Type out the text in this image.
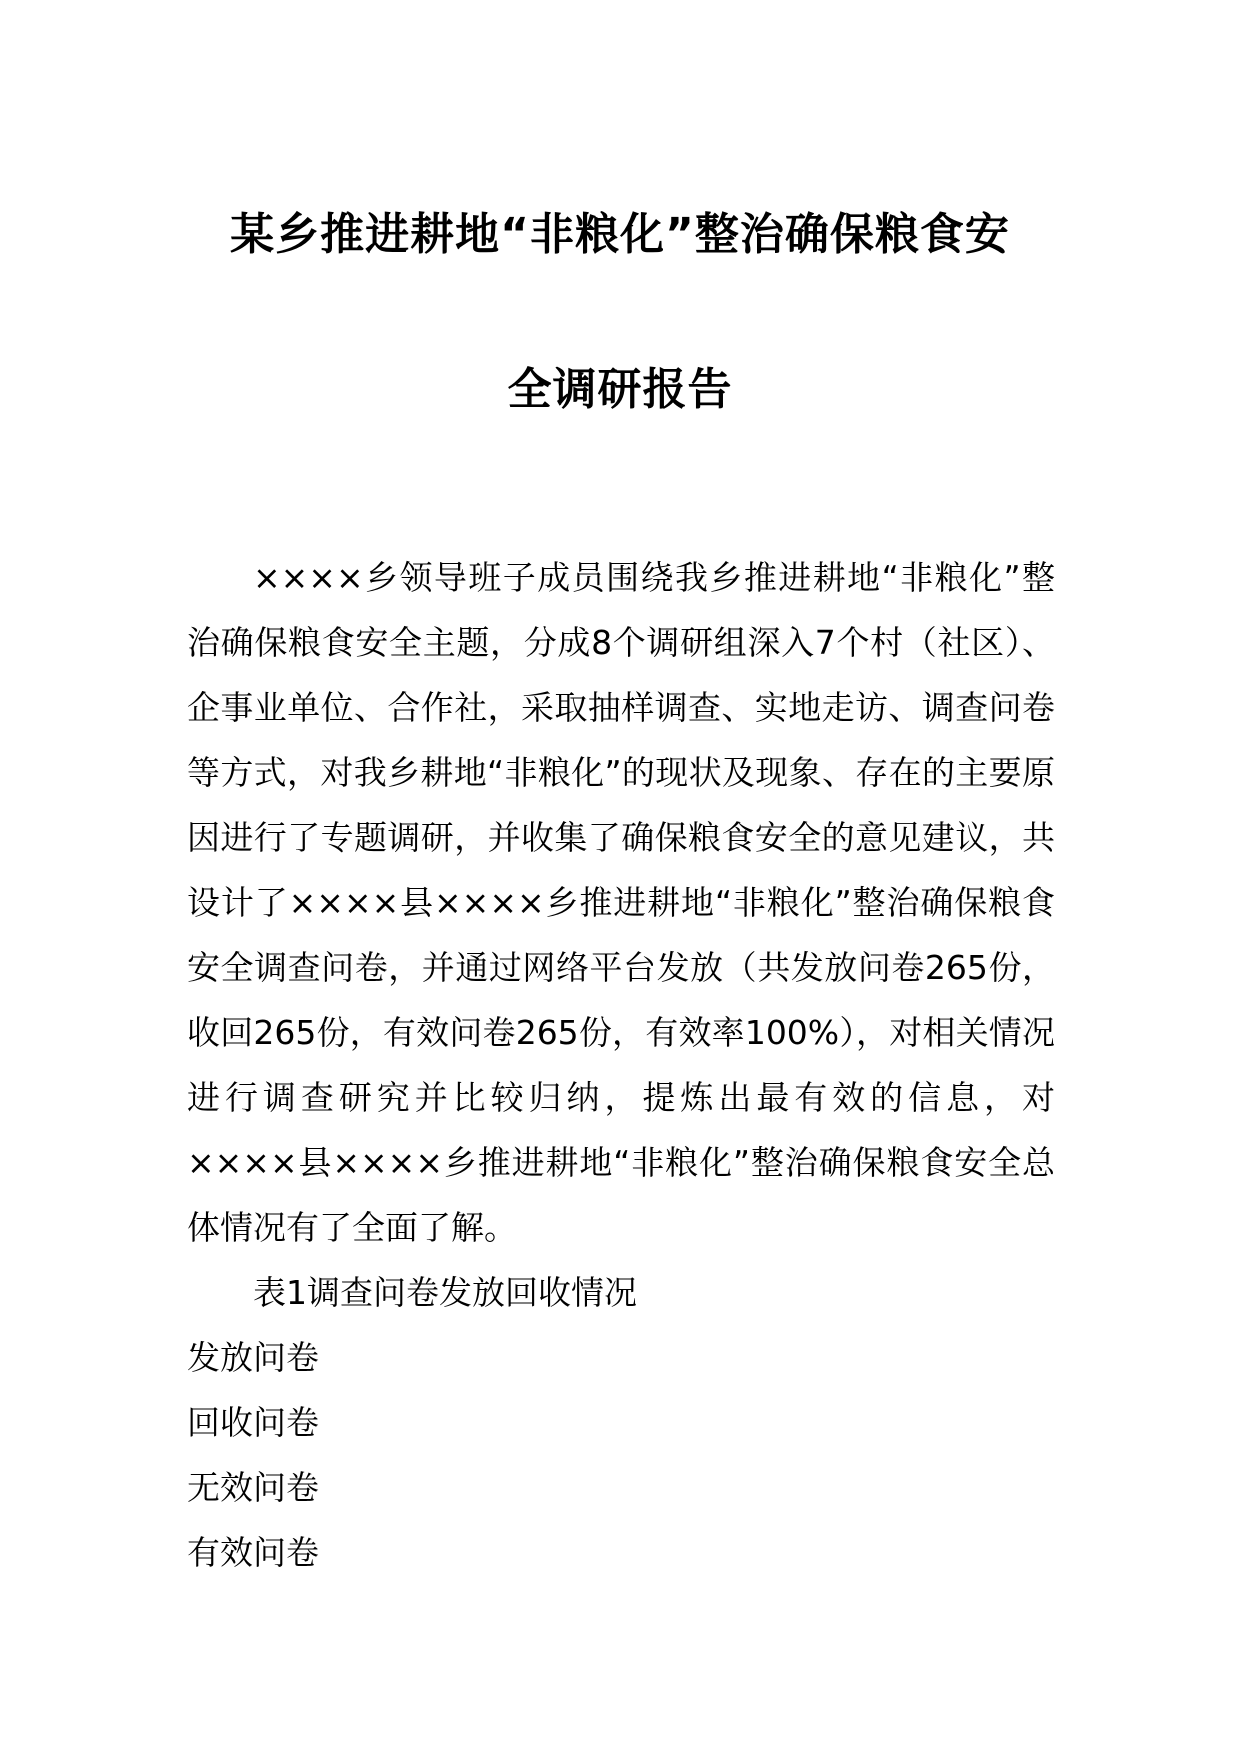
某乡推进耕地“非粮化”整治确保粮食安
全调研报告

××××乡领导班子成员围绕我乡推进耕地“非粮化”整治确保粮食安全主题，分成8个调研组深入7个村（社区）、企事业单位、合作社，采取抽样调查、实地走访、调查问卷等方式，对我乡耕地“非粮化”的现状及现象、存在的主要原因进行了专题调研，并收集了确保粮食安全的意见建议，共设计了××××县××××乡推进耕地“非粮化”整治确保粮食安全调查问卷，并通过网络平台发放（共发放问卷265份，收回265份，有效问卷265份，有效率100%），对相关情况进行调查研究并比较归纳，提炼出最有效的信息，对××××县××××乡推进耕地“非粮化”整治确保粮食安全总体情况有了全面了解。

表1调查问卷发放回收情况
发放问卷
回收问卷
无效问卷
有效问卷
